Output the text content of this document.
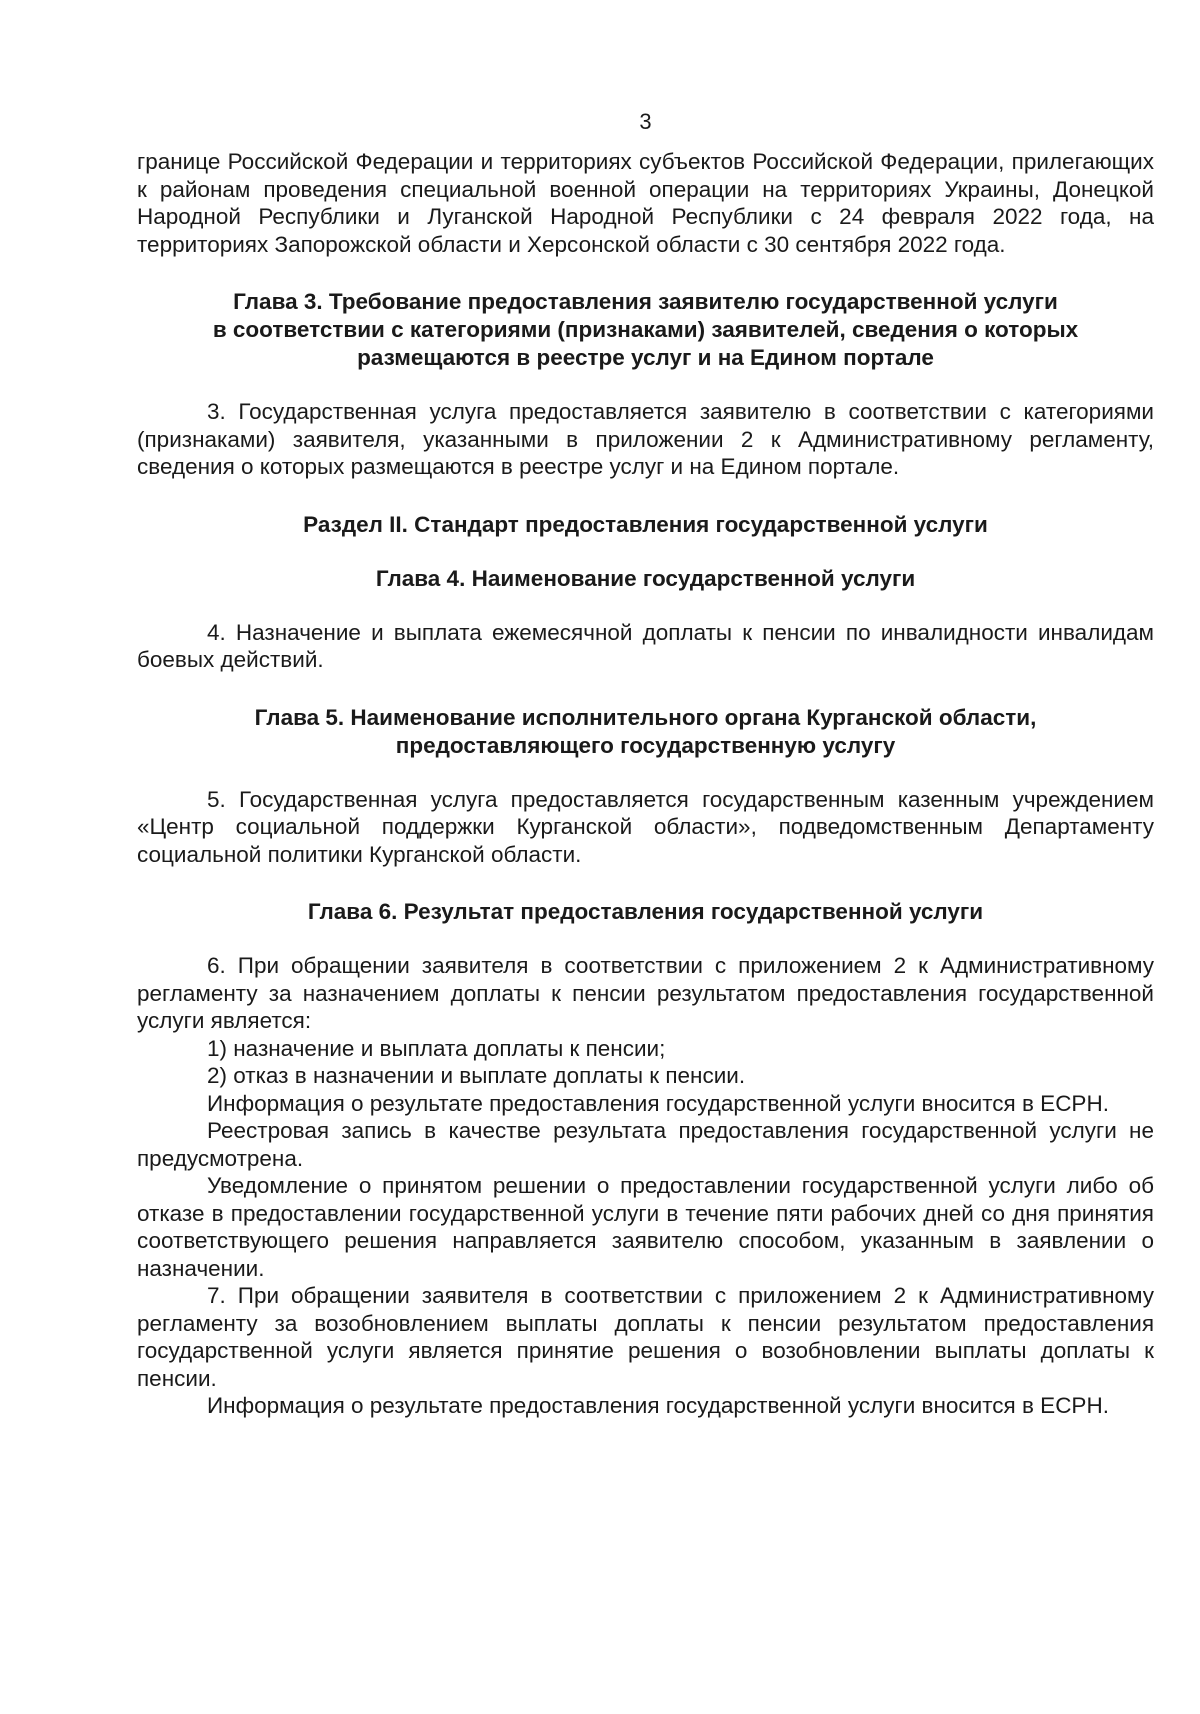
3

границе Российской Федерации и территориях субъектов Российской Федерации, прилегающих к районам проведения специальной военной операции на территориях Украины, Донецкой Народной Республики и Луганской Народной Республики с 24 февраля 2022 года, на территориях Запорожской области и Херсонской области с 30 сентября 2022 года.

Глава 3. Требование предоставления заявителю государственной услуги
в соответствии с категориями (признаками) заявителей, сведения о которых
размещаются в реестре услуг и на Едином портале

3. Государственная услуга предоставляется заявителю в соответствии с категориями (признаками) заявителя, указанными в приложении 2 к Административному регламенту, сведения о которых размещаются в реестре услуг и на Едином портале.

Раздел II. Стандарт предоставления государственной услуги
Глава 4. Наименование государственной услуги

4. Назначение и выплата ежемесячной доплаты к пенсии по инвалидности инвалидам боевых действий.

Глава 5. Наименование исполнительного органа Курганской области,
предоставляющего государственную услугу

5. Государственная услуга предоставляется государственным казенным учреждением «Центр социальной поддержки Курганской области», подведомственным Департаменту социальной политики Курганской области.

Глава 6. Результат предоставления государственной услуги

6. При обращении заявителя в соответствии с приложением 2 к Административному регламенту за назначением доплаты к пенсии результатом предоставления государственной услуги является:

1) назначение и выплата доплаты к пенсии;

2) отказ в назначении и выплате доплаты к пенсии.

Информация о результате предоставления государственной услуги вносится в ЕСРН.

Реестровая запись в качестве результата предоставления государственной услуги не предусмотрена.

Уведомление о принятом решении о предоставлении государственной услуги либо об отказе в предоставлении государственной услуги в течение пяти рабочих дней со дня принятия соответствующего решения направляется заявителю способом, указанным в заявлении о назначении.

7. При обращении заявителя в соответствии с приложением 2 к Административному регламенту за возобновлением выплаты доплаты к пенсии результатом предоставления государственной услуги является принятие решения о возобновлении выплаты доплаты к пенсии.

Информация о результате предоставления государственной услуги вносится в ЕСРН.
